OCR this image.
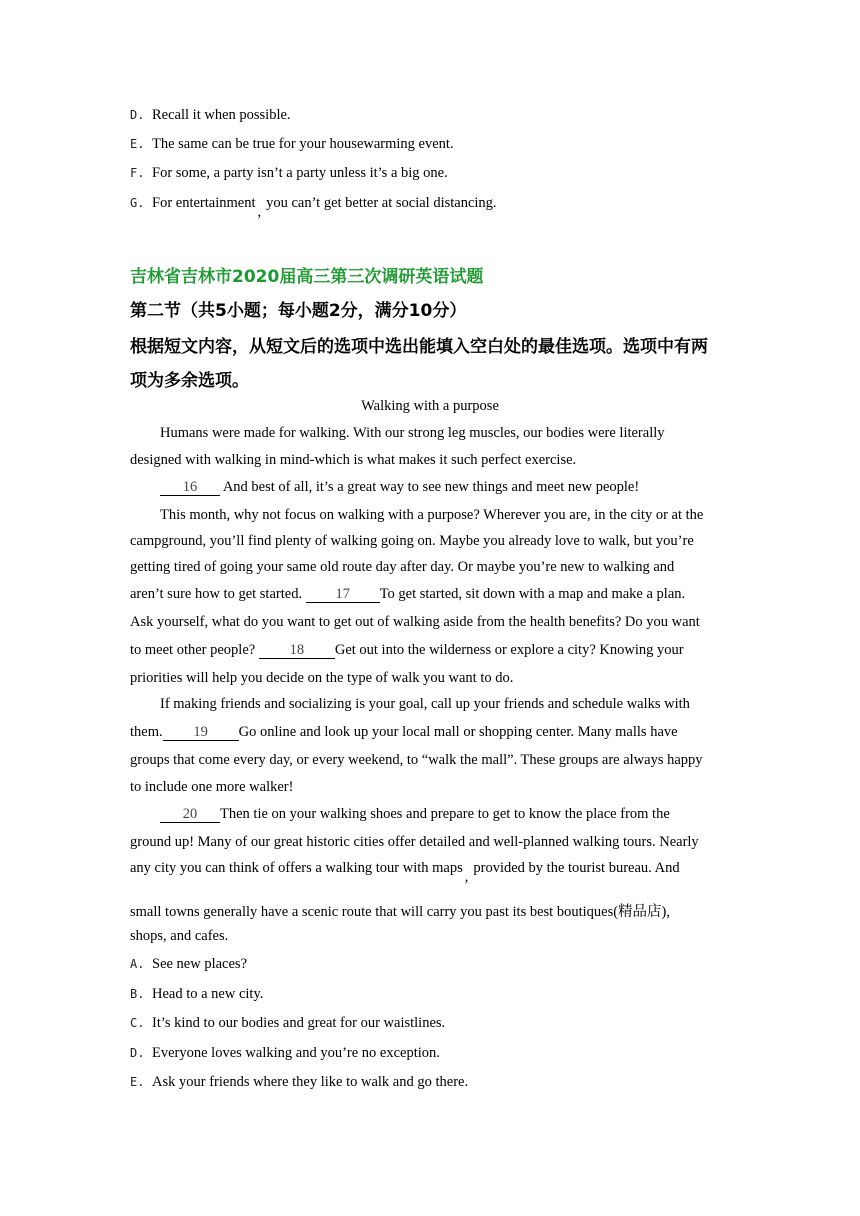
D. Recall it when possible.
E. The same can be true for your housewarming event.
F. For some, a party isn’t a party unless it’s a big one.
G. For entertainment,you can’t get better at social distancing.
吉林省吉林市2020届高三第三次调研英语试题
第二节（共5小题；每小题2分，满分10分）
根据短文内容，从短文后的选项中选出能填入空白处的最佳选项。选项中有两
项为多余选项。
Walking with a purpose
Humans were made for walking. With our strong leg muscles, our bodies were literally
designed with walking in mind-which is what makes it such perfect exercise.
16 And best of all, it’s a great way to see new things and meet new people!
This month, why not focus on walking with a purpose? Wherever you are, in the city or at the
campground, you’ll find plenty of walking going on. Maybe you already love to walk, but you’re
getting tired of going your same old route day after day. Or maybe you’re new to walking and
aren’t sure how to get started. 17 To get started, sit down with a map and make a plan.
Ask yourself, what do you want to get out of walking aside from the health benefits? Do you want
to meet other people? 18 Get out into the wilderness or explore a city? Knowing your
priorities will help you decide on the type of walk you want to do.
If making friends and socializing is your goal, call up your friends and schedule walks with
them. 19 Go online and look up your local mall or shopping center. Many malls have
groups that come every day, or every weekend, to “walk the mall”. These groups are always happy
to include one more walker!
20 Then tie on your walking shoes and prepare to get to know the place from the
ground up! Many of our great historic cities offer detailed and well-planned walking tours. Nearly
any city you can think of offers a walking tour with maps,provided by the tourist bureau. And
small towns generally have a scenic route that will carry you past its best boutiques(精品店),
shops, and cafes.
A. See new places?
B. Head to a new city.
C. It’s kind to our bodies and great for our waistlines.
D. Everyone loves walking and you’re no exception.
E. Ask your friends where they like to walk and go there.
